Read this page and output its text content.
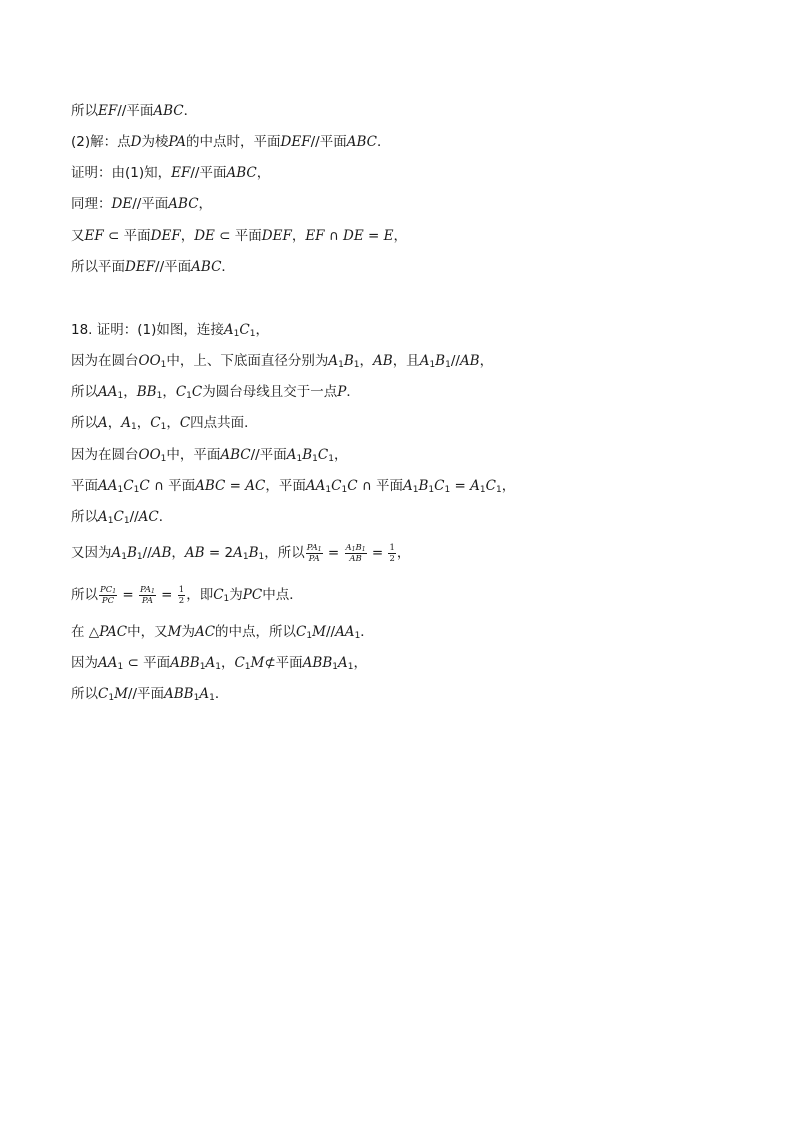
所以EF//平面ABC．
(2)解：点D为棱PA的中点时，平面DEF//平面ABC．
证明：由(1)知，EF//平面ABC，
同理：DE//平面ABC，
又EF ⊂ 平面DEF，DE ⊂ 平面DEF，EF ∩ DE = E，
所以平面DEF//平面ABC．
18. 证明：(1)如图，连接$A_1C_1$，
因为在圆台$OO_1$中，上、下底面直径分别为$A_1B_1$，AB，且$A_1B_1//AB$，
所以$AA_1$，$BB_1$，$C_1C$为圆台母线且交于一点P．
所以A，$A_1$，$C_1$，C四点共面．
因为在圆台$OO_1$中，平面ABC//平面$A_1B_1C_1$，
平面$AA_1C_1C$ ∩ 平面ABC = AC，平面$AA_1C_1C$ ∩ 平面$A_1B_1C_1 = A_1C_1$，
所以$A_1C_1//AC$．
又因为$A_1B_1//AB$，AB = $2A_1B_1$，所以 $\frac{PA_1}{PA} = \frac{A_1B_1}{AB} = \frac{1}{2}$ ，
所以 $\frac{PC_1}{PC} = \frac{PA_1}{PA} = \frac{1}{2}$ ，即$C_1$为PC中点．
在 △PAC中，又M为AC的中点，所以$C_1M//AA_1$．
因为$AA_1$ ⊂ 平面$ABB_1A_1$，$C_1M⊄$平面$ABB_1A_1$，
所以$C_1M//$平面$ABB_1A_1$．
